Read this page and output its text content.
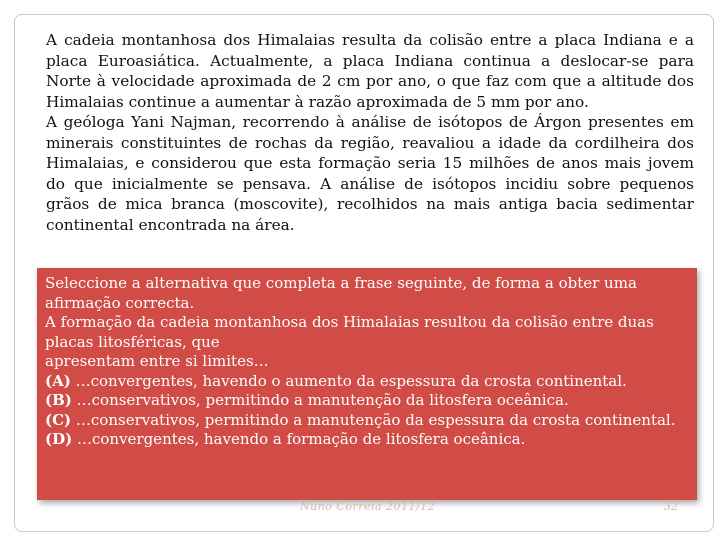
A cadeia montanhosa dos Himalaias resulta da colisão entre a placa Indiana e a placa Euroasiática. Actualmente, a placa Indiana continua a deslocar-se para Norte à velocidade aproximada de 2 cm por ano, o que faz com que a altitude dos Himalaias continue a aumentar à razão aproximada de 5 mm por ano.

A geóloga Yani Najman, recorrendo à análise de isótopos de Árgon presentes em minerais constituintes de rochas da região, reavaliou a idade da cordilheira dos Himalaias, e considerou que esta formação seria 15 milhões de anos mais jovem do que inicialmente se pensava. A análise de isótopos incidiu sobre pequenos grãos de mica branca (moscovite), recolhidos na mais antiga bacia sedimentar continental encontrada na área.

Seleccione a alternativa que completa a frase seguinte, de forma a obter uma

afirmação correcta.

A formação da cadeia montanhosa dos Himalaias resultou da colisão entre duas

placas litosféricas, que

apresentam entre si limites…

(A) …convergentes, havendo o aumento da espessura da crosta continental.

(B) …conservativos, permitindo a manutenção da litosfera oceânica.

(C) …conservativos, permitindo a manutenção da espessura da crosta continental.

(D) …convergentes, havendo a formação de litosfera oceânica.

Nuno Correia 2011/12	32
